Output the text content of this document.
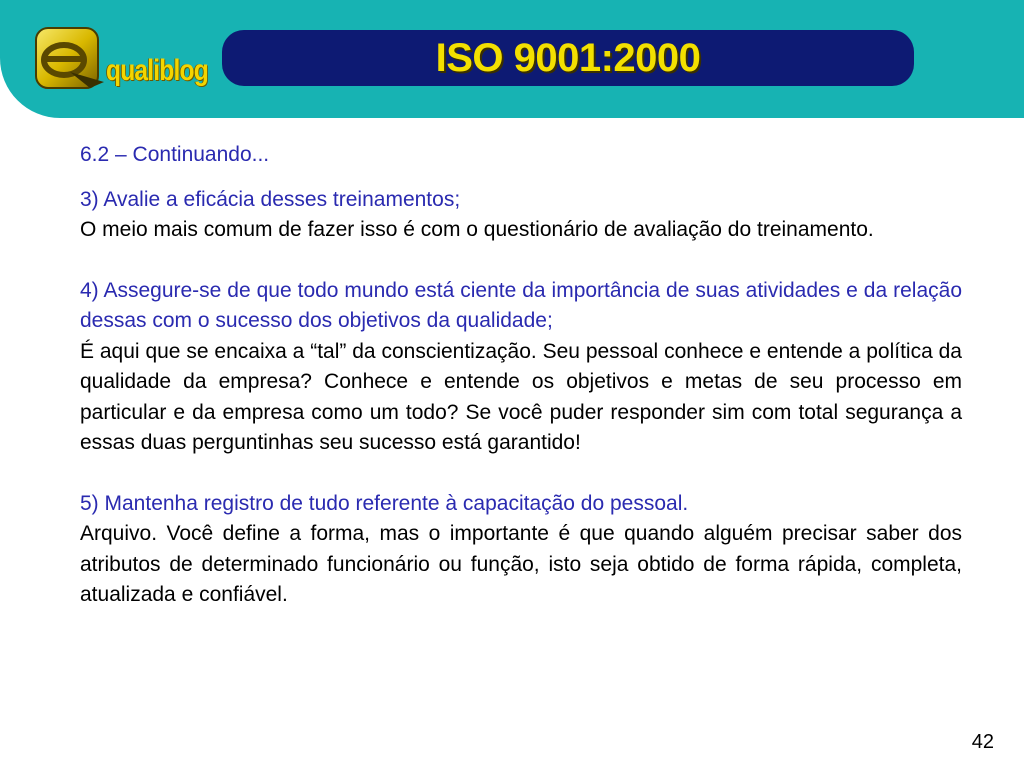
qualiblog	ISO 9001:2000

6.2 – Continuando...

3) Avalie a eficácia desses treinamentos;

O meio mais comum de fazer isso é com o questionário de avaliação do treinamento.

4) Assegure-se de que todo mundo está ciente da importância de suas atividades e da relação dessas com o sucesso dos objetivos da qualidade;

É aqui que se encaixa a “tal” da conscientização. Seu pessoal conhece e entende a política da qualidade da empresa? Conhece e entende os objetivos e metas de seu processo em particular e da empresa como um todo? Se você puder responder sim com total segurança a essas duas perguntinhas seu sucesso está garantido!

5) Mantenha registro de tudo referente à capacitação do pessoal.

Arquivo. Você define a forma, mas o importante é que quando alguém precisar saber dos atributos de determinado funcionário ou função, isto seja obtido de forma rápida, completa, atualizada e confiável.

42
